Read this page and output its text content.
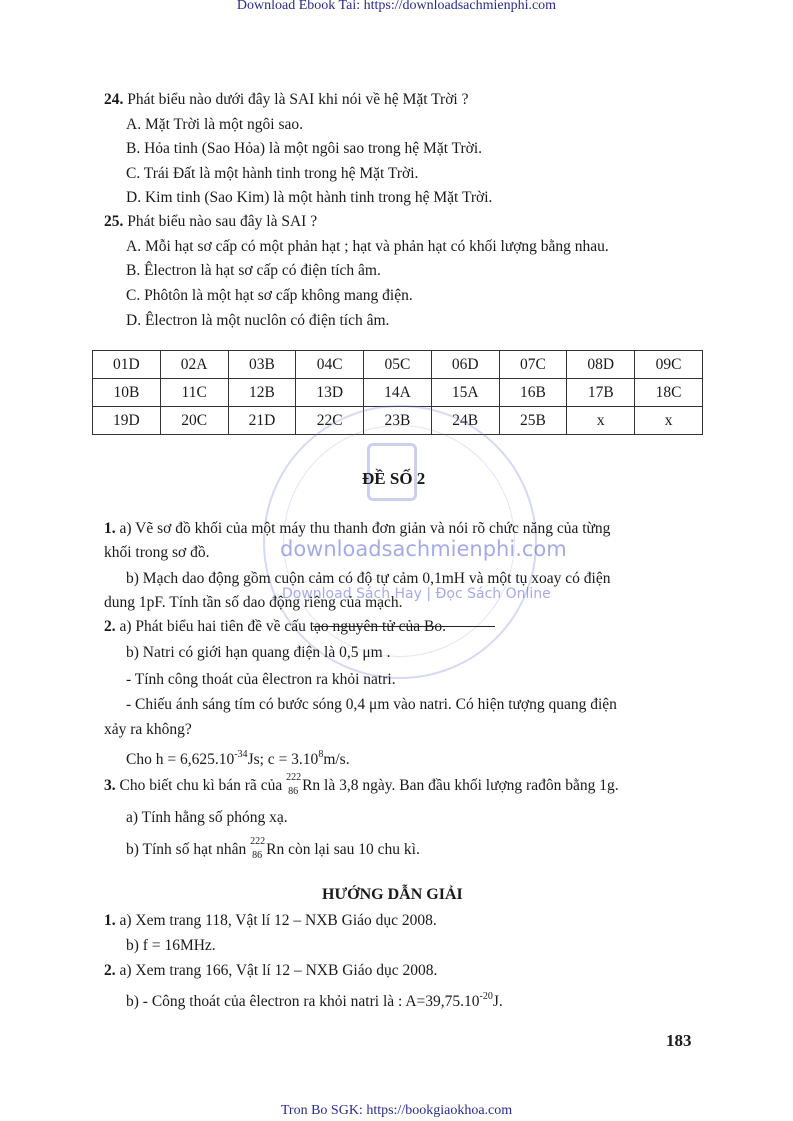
Download Ebook Tai: https://downloadsachmienphi.com
24. Phát biểu nào dưới đây là SAI khi nói về hệ Mặt Trời ?
A. Mặt Trời là một ngôi sao.
B. Hỏa tinh (Sao Hỏa) là một ngôi sao trong hệ Mặt Trời.
C. Trái Đất là một hành tinh trong hệ Mặt Trời.
D. Kim tinh (Sao Kim) là một hành tinh trong hệ Mặt Trời.
25. Phát biểu nào sau đây là SAI ?
A. Mỗi hạt sơ cấp có một phản hạt ; hạt và phản hạt có khối lượng bằng nhau.
B. Êlectron là hạt sơ cấp có điện tích âm.
C. Phôtôn là một hạt sơ cấp không mang điện.
D. Êlectron là một nuclôn có điện tích âm.
01D	02A	03B	04C	05C	06D	07C	08D	09C
10B	11C	12B	13D	14A	15A	16B	17B	18C
19D	20C	21D	22C	23B	24B	25B	x	x
downloadsachmienphi.com
Download Sách Hay | Đọc Sách Online
ĐỀ SỐ 2
1. a) Vẽ sơ đồ khối của một máy thu thanh đơn giản và nói rõ chức năng của từng
khối trong sơ đồ.
b) Mạch dao động gồm cuộn cảm có độ tự cảm 0,1mH và một tụ xoay có điện
dung 1pF. Tính tần số dao động riêng của mạch.
2. a) Phát biểu hai tiên đề về cấu tạo nguyên tử của Bo.
b) Natri có giới hạn quang điện là 0,5 μm .
- Tính công thoát của êlectron ra khỏi natri.
- Chiếu ánh sáng tím có bước sóng 0,4 μm vào natri. Có hiện tượng quang điện
xảy ra không?
Cho $h = 6,625.10^{-34}Js$; $c = 3.10^8m/s$.
3. Cho biết chu kì bán rã của 222
86 Rn là 3,8 ngày. Ban đầu khối lượng rađôn bằng 1g.
a) Tính hằng số phóng xạ.
b) Tính số hạt nhân 222
86 Rn còn lại sau 10 chu kì.
HƯỚNG DẪN GIẢI
1. a) Xem trang 118, Vật lí 12 – NXB Giáo dục 2008.
b) f = 16MHz.
2. a) Xem trang 166, Vật lí 12 – NXB Giáo dục 2008.
b) - Công thoát của êlectron ra khỏi natri là : $A=39,75.10^{-20}J$.
183
Tron Bo SGK: https://bookgiaokhoa.com
